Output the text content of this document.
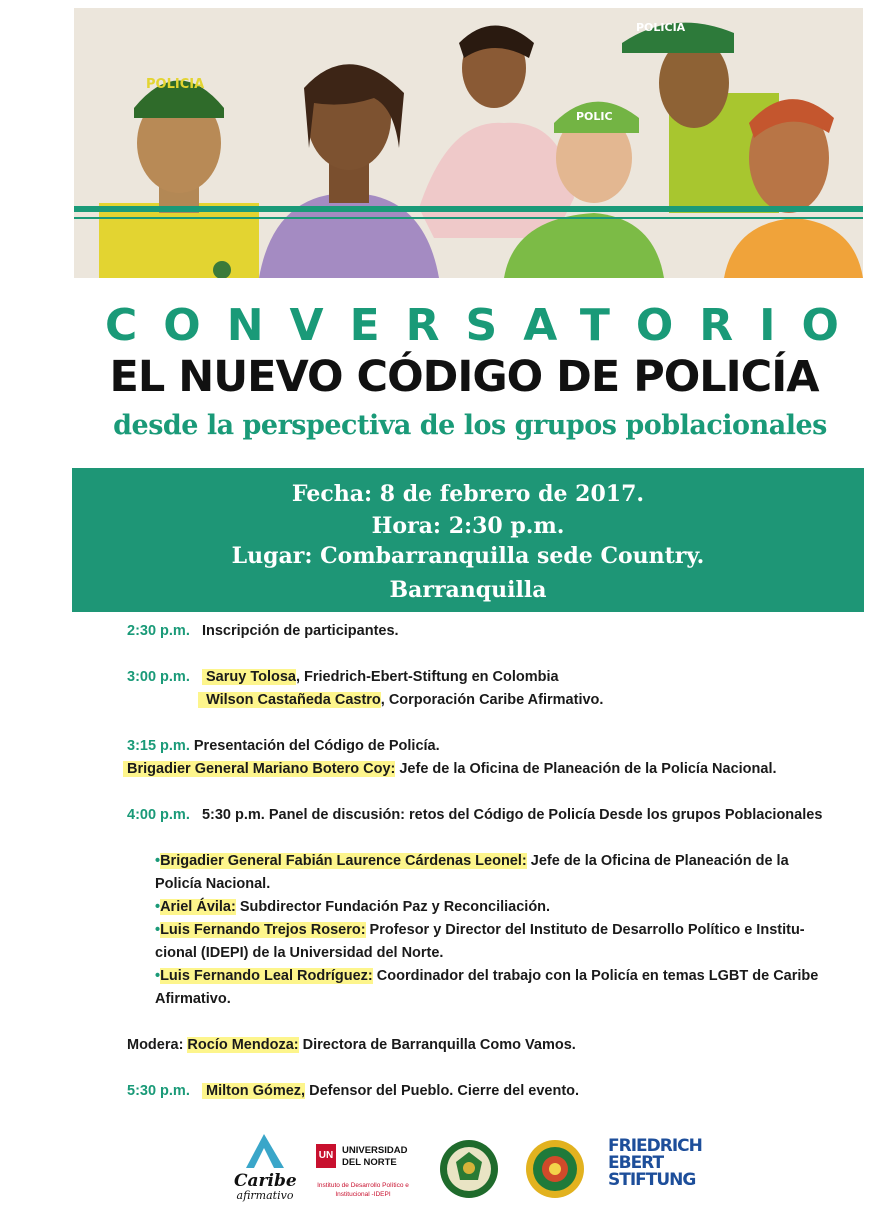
POLICIA
POLIC
POLICIA
CONVERSATORIO
EL NUEVO CÓDIGO DE POLICÍA
desde la perspectiva de los grupos poblacionales
Fecha: 8 de febrero de 2017.
Hora: 2:30 p.m.
Lugar: Combarranquilla sede Country.
Barranquilla
2:30 p.m. Inscripción de participantes.
3:00 p.m. Saruy Tolosa, Friedrich-Ebert-Stiftung en Colombia
Wilson Castañeda Castro, Corporación Caribe Afirmativo.
3:15 p.m. Presentación del Código de Policía.
Brigadier General Mariano Botero Coy: Jefe de la Oficina de Planeación de la Policía Nacional.
4:00 p.m. 5:30 p.m. Panel de discusión: retos del Código de Policía Desde los grupos Poblacionales
•Brigadier General Fabián Laurence Cárdenas Leonel: Jefe de la Oficina de Planeación de la
Policía Nacional.
•Ariel Ávila: Subdirector Fundación Paz y Reconciliación.
•Luis Fernando Trejos Rosero: Profesor y Director del Instituto de Desarrollo Político e Institu-
cional (IDEPI) de la Universidad del Norte.
•Luis Fernando Leal Rodríguez: Coordinador del trabajo con la Policía en temas LGBT de Caribe
Afirmativo.
Modera: Rocío Mendoza: Directora de Barranquilla Como Vamos.
5:30 p.m. Milton Gómez, Defensor del Pueblo. Cierre del evento.
Caribe
afirmativo
UN UNIVERSIDAD
DEL NORTE
Instituto de Desarrollo Político e
Institucional -IDEPI
FRIEDRICH
EBERT
STIFTUNG
